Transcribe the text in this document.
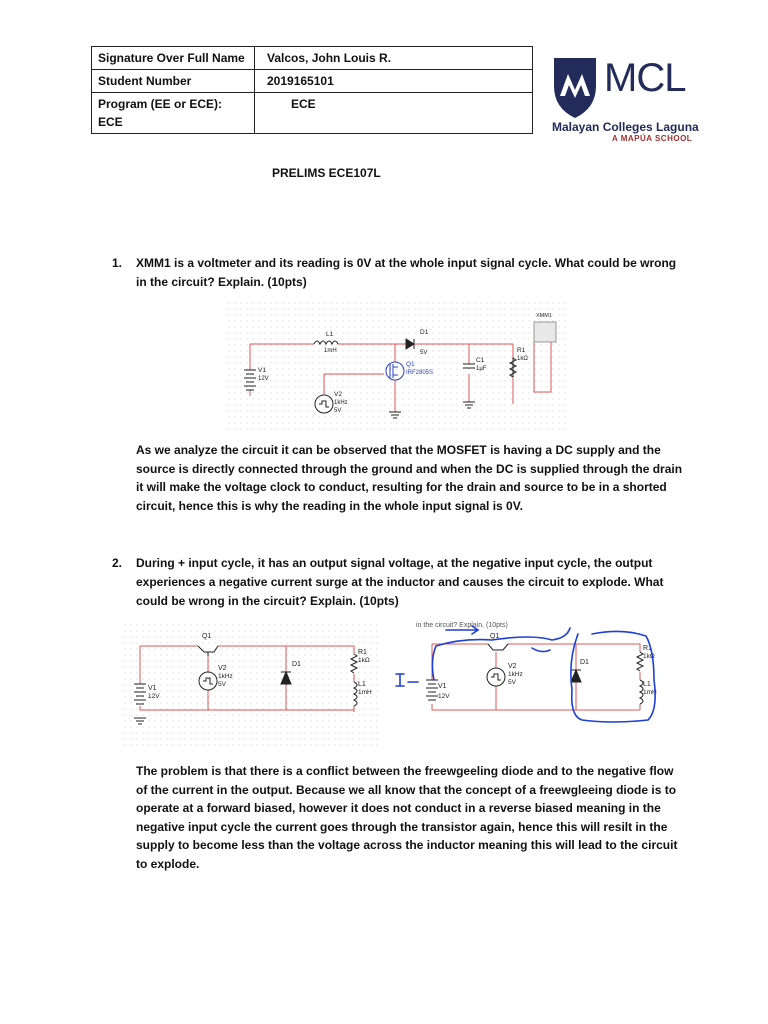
Signature Over Full Name	Valcos, John Louis R.
Student Number	2019165101
Program (EE or ECE): ECE	ECE
MCL
Malayan Colleges Laguna
A MAPÚA SCHOOL
PRELIMS ECE107L
1. XMM1 is a voltmeter and its reading is 0V at the whole input signal cycle. What could be wrong
in the circuit? Explain. (10pts)
L1
1mH
D1
5V
Q1
IRF2805S
C1
1µF
R1
1kΩ
XMM1
V1
12V
V2
1kHz
5V
As we analyze the circuit it can be observed that the MOSFET is having a DC supply and the
source is directly connected through the ground and when the DC is supplied through the drain
it will make the voltage clock to conduct, resulting for the drain and source to be in a shorted
circuit, hence this is why the reading in the whole input signal is 0V.
2. During + input cycle, it has an output signal voltage, at the negative input cycle, the output
experiences a negative current surge at the inductor and causes the circuit to explode. What
could be wrong in the circuit? Explain. (10pts)
Q1
V2
1kHz
5V
D1
R1
1kΩ
L1
1mH
V1
12V
in the circuit? Explain. (10pts)
Q1
V2
1kHz
5V
D1
R1
1kΩ
L1
1mH
V1
12V
The problem is that there is a conflict between the freewgeeling diode and to the negative flow
of the current in the output. Because we all know that the concept of a freewgleeing diode is to
operate at a forward biased, however it does not conduct in a reverse biased meaning in the
negative input cycle the current goes through the transistor again, hence this will resilt in the
supply to become less than the voltage across the inductor meaning this will lead to the circuit
to explode.
